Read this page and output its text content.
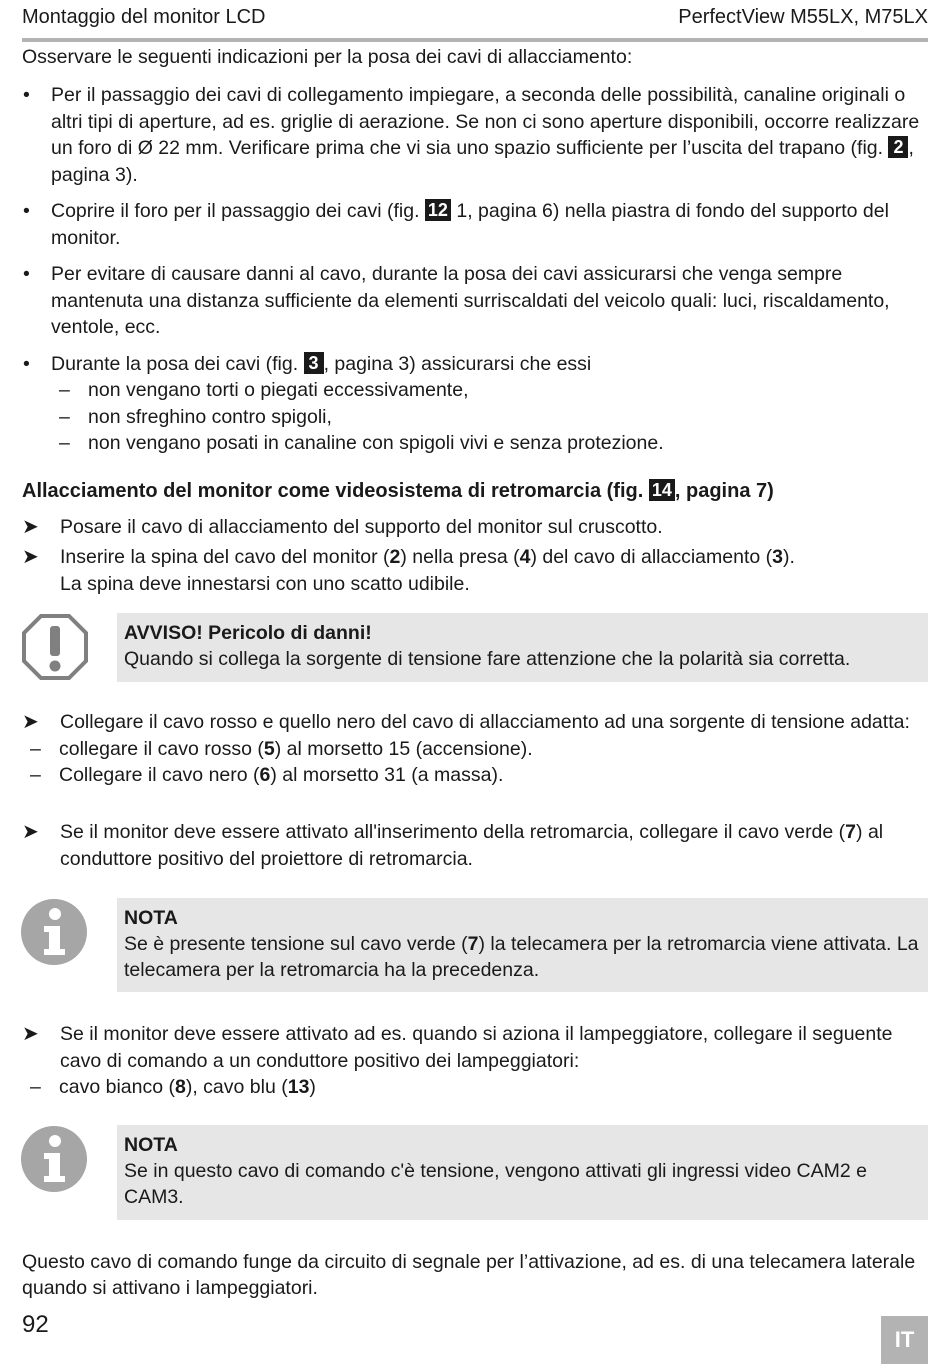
Montaggio del monitor LCD	PerfectView M55LX, M75LX
Osservare le seguenti indicazioni per la posa dei cavi di allacciamento:
• Per il passaggio dei cavi di collegamento impiegare, a seconda delle possibilità, canaline originali o altri tipi di aperture, ad es. griglie di aerazione. Se non ci sono aperture disponibili, occorre realizzare un foro di Ø 22 mm. Verificare prima che vi sia uno spazio sufficiente per l’uscita del trapano (fig. 2 , pagina 3).
• Coprire il foro per il passaggio dei cavi (fig. 12 1, pagina 6) nella piastra di fondo del supporto del monitor.
• Per evitare di causare danni al cavo, durante la posa dei cavi assicurarsi che venga sempre mantenuta una distanza sufficiente da elementi surriscaldati del veicolo quali: luci, riscaldamento, ventole, ecc.
• Durante la posa dei cavi (fig. 3 , pagina 3) assicurarsi che essi
– non vengano torti o piegati eccessivamente,
– non sfreghino contro spigoli,
– non vengano posati in canaline con spigoli vivi e senza protezione.
Allacciamento del monitor come videosistema di retromarcia (fig. 14 , pagina 7)
➤ Posare il cavo di allacciamento del supporto del monitor sul cruscotto.
➤ Inserire la spina del cavo del monitor (2) nella presa (4) del cavo di allacciamento (3).
La spina deve innestarsi con uno scatto udibile.
AVVISO! Pericolo di danni!
Quando si collega la sorgente di tensione fare attenzione che la polarità sia corretta.
➤ Collegare il cavo rosso e quello nero del cavo di allacciamento ad una sorgente di tensione adatta:
– collegare il cavo rosso (5) al morsetto 15 (accensione).
– Collegare il cavo nero (6) al morsetto 31 (a massa).
➤ Se il monitor deve essere attivato all'inserimento della retromarcia, collegare il cavo verde (7) al conduttore positivo del proiettore di retromarcia.
NOTA
Se è presente tensione sul cavo verde (7) la telecamera per la retromarcia viene attivata. La telecamera per la retromarcia ha la precedenza.
➤ Se il monitor deve essere attivato ad es. quando si aziona il lampeggiatore, collegare il seguente cavo di comando a un conduttore positivo dei lampeggiatori:
– cavo bianco (8), cavo blu (13)
NOTA
Se in questo cavo di comando c'è tensione, vengono attivati gli ingressi video CAM2 e CAM3.
Questo cavo di comando funge da circuito di segnale per l’attivazione, ad es. di una telecamera laterale quando si attivano i lampeggiatori.
92
IT
